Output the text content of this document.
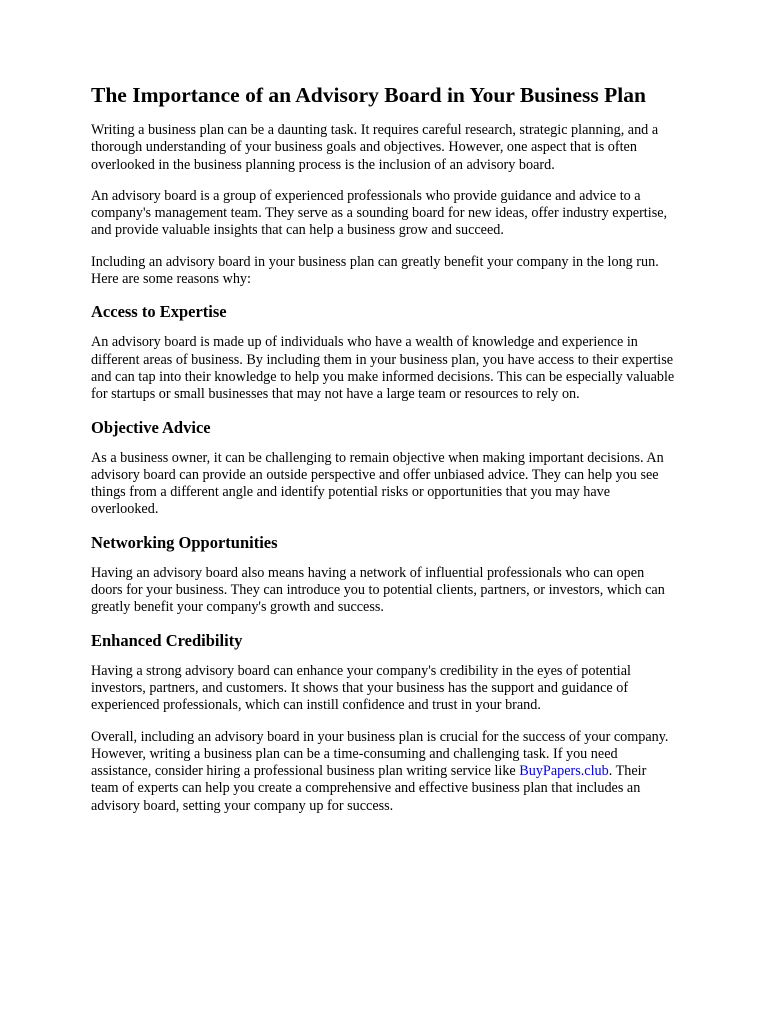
The Importance of an Advisory Board in Your Business Plan

Writing a business plan can be a daunting task. It requires careful research, strategic planning, and a thorough understanding of your business goals and objectives. However, one aspect that is often overlooked in the business planning process is the inclusion of an advisory board.

An advisory board is a group of experienced professionals who provide guidance and advice to a company's management team. They serve as a sounding board for new ideas, offer industry expertise, and provide valuable insights that can help a business grow and succeed.

Including an advisory board in your business plan can greatly benefit your company in the long run. Here are some reasons why:

Access to Expertise

An advisory board is made up of individuals who have a wealth of knowledge and experience in different areas of business. By including them in your business plan, you have access to their expertise and can tap into their knowledge to help you make informed decisions. This can be especially valuable for startups or small businesses that may not have a large team or resources to rely on.

Objective Advice

As a business owner, it can be challenging to remain objective when making important decisions. An advisory board can provide an outside perspective and offer unbiased advice. They can help you see things from a different angle and identify potential risks or opportunities that you may have overlooked.

Networking Opportunities

Having an advisory board also means having a network of influential professionals who can open doors for your business. They can introduce you to potential clients, partners, or investors, which can greatly benefit your company's growth and success.

Enhanced Credibility

Having a strong advisory board can enhance your company's credibility in the eyes of potential investors, partners, and customers. It shows that your business has the support and guidance of experienced professionals, which can instill confidence and trust in your brand.

Overall, including an advisory board in your business plan is crucial for the success of your company. However, writing a business plan can be a time-consuming and challenging task. If you need assistance, consider hiring a professional business plan writing service like BuyPapers.club. Their team of experts can help you create a comprehensive and effective business plan that includes an advisory board, setting your company up for success.
